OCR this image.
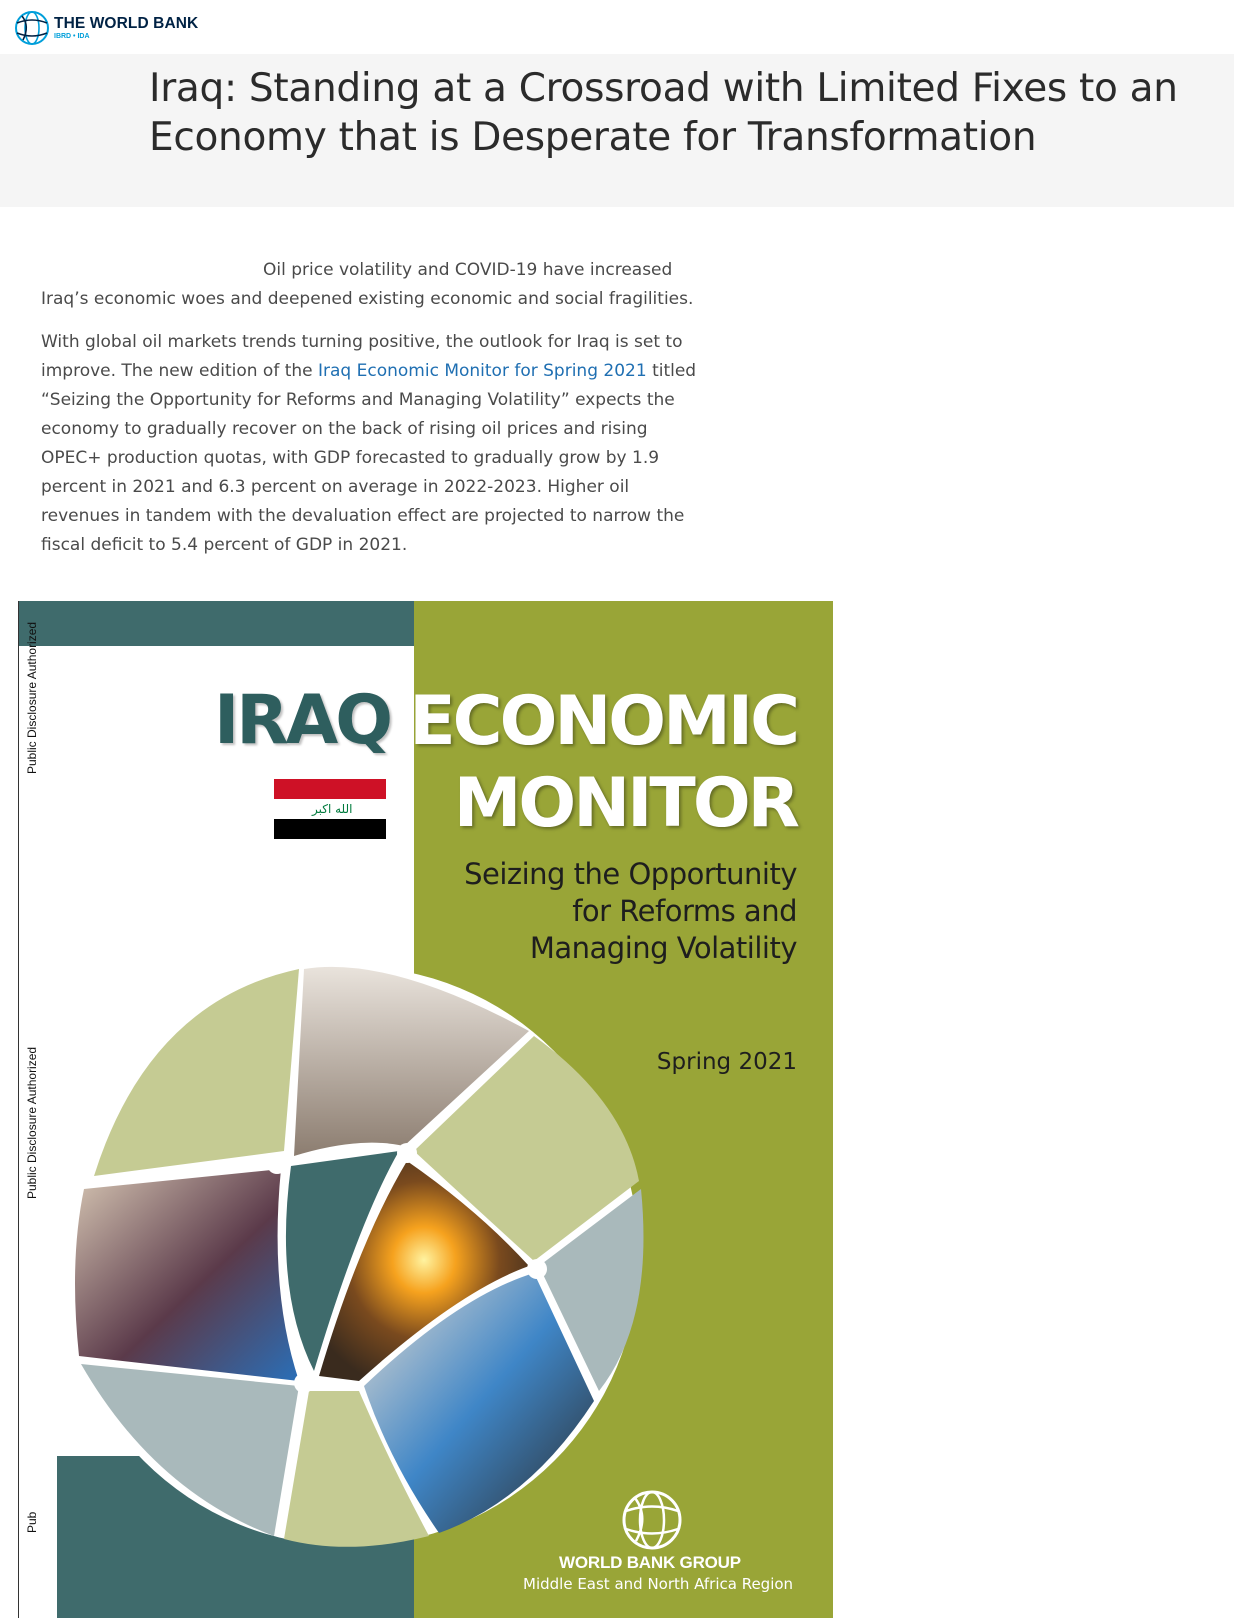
THE WORLD BANK
IBRD • IDA
Iraq: Standing at a Crossroad with Limited Fixes to an Economy that is Desperate for Transformation

Oil price volatility and COVID-19 have increased Iraq’s economic woes and deepened existing economic and social fragilities.

With global oil markets trends turning positive, the outlook for Iraq is set to improve. The new edition of the Iraq Economic Monitor for Spring 2021 titled “Seizing the Opportunity for Reforms and Managing Volatility” expects the economy to gradually recover on the back of rising oil prices and rising OPEC+ production quotas, with GDP forecasted to gradually grow by 1.9 percent in 2021 and 6.3 percent on average in 2022-2023. Higher oil revenues in tandem with the devaluation effect are projected to narrow the fiscal deficit to 5.4 percent of GDP in 2021.

Public Disclosure Authorized
Public Disclosure Authorized
Pub
IRAQ
الله اكبر
ECONOMIC
MONITOR
Seizing the Opportunity
for Reforms and
Managing Volatility
Spring 2021
WORLD BANK GROUP
Middle East and North Africa Region
